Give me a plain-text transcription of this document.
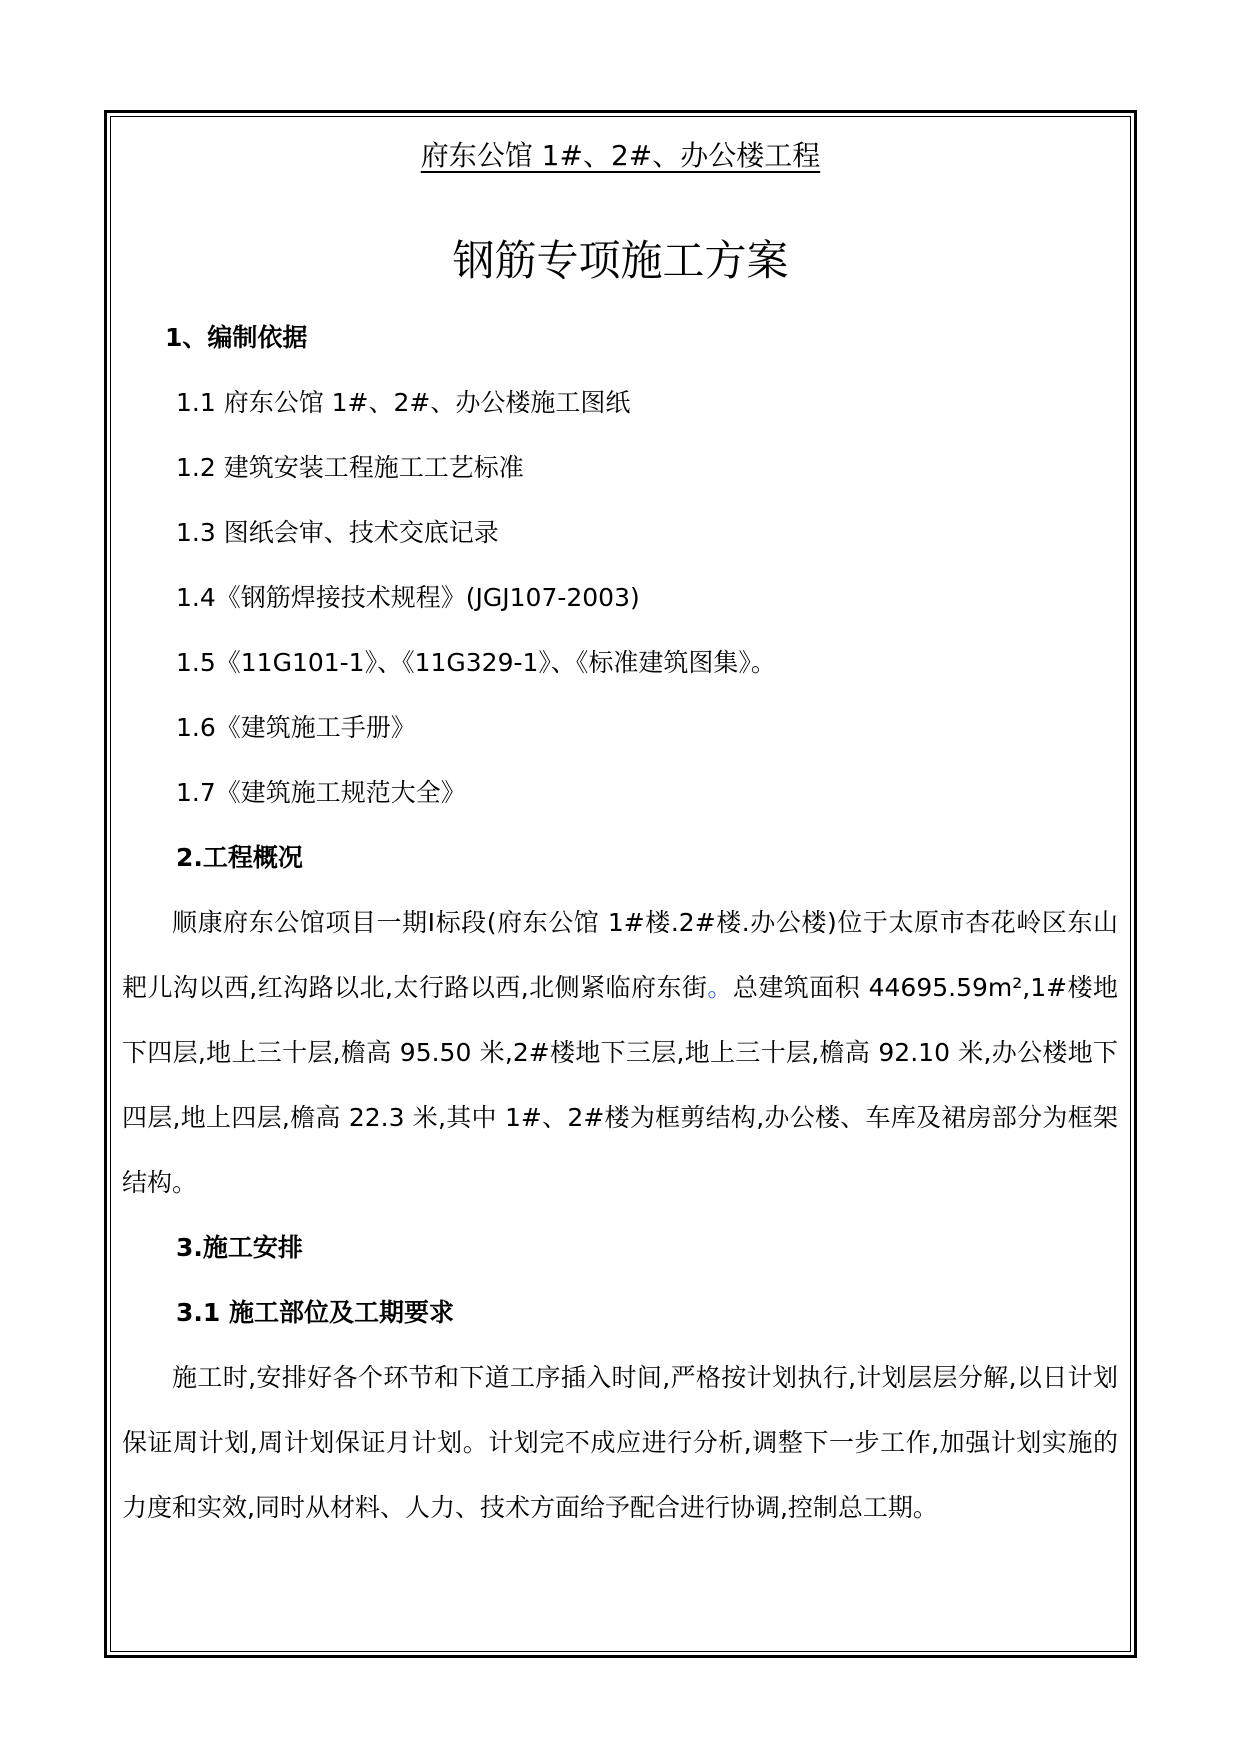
府东公馆 1#、2#、办公楼工程
钢筋专项施工方案
1、编制依据
1.1 府东公馆 1#、2#、办公楼施工图纸
1.2 建筑安装工程施工工艺标准
1.3 图纸会审、技术交底记录
1.4《钢筋焊接技术规程》(JGJ107-2003)
1.5《11G101-1》、《11G329-1》、《标准建筑图集》。
1.6《建筑施工手册》
1.7《建筑施工规范大全》
2.工程概况

顺康府东公馆项目一期Ⅰ标段(府东公馆 1#楼.2#楼.办公楼)位于太原市杏花岭区东山耙儿沟以西,红沟路以北,太行路以西,北侧紧临府东街。总建筑面积 44695.59m²,1#楼地下四层,地上三十层,檐高 95.50 米,2#楼地下三层,地上三十层,檐高 92.10 米,办公楼地下四层,地上四层,檐高 22.3 米,其中 1#、2#楼为框剪结构,办公楼、车库及裙房部分为框架结构。

3.施工安排
3.1 施工部位及工期要求

施工时,安排好各个环节和下道工序插入时间,严格按计划执行,计划层层分解,以日计划保证周计划,周计划保证月计划。计划完不成应进行分析,调整下一步工作,加强计划实施的力度和实效,同时从材料、人力、技术方面给予配合进行协调,控制总工期。
